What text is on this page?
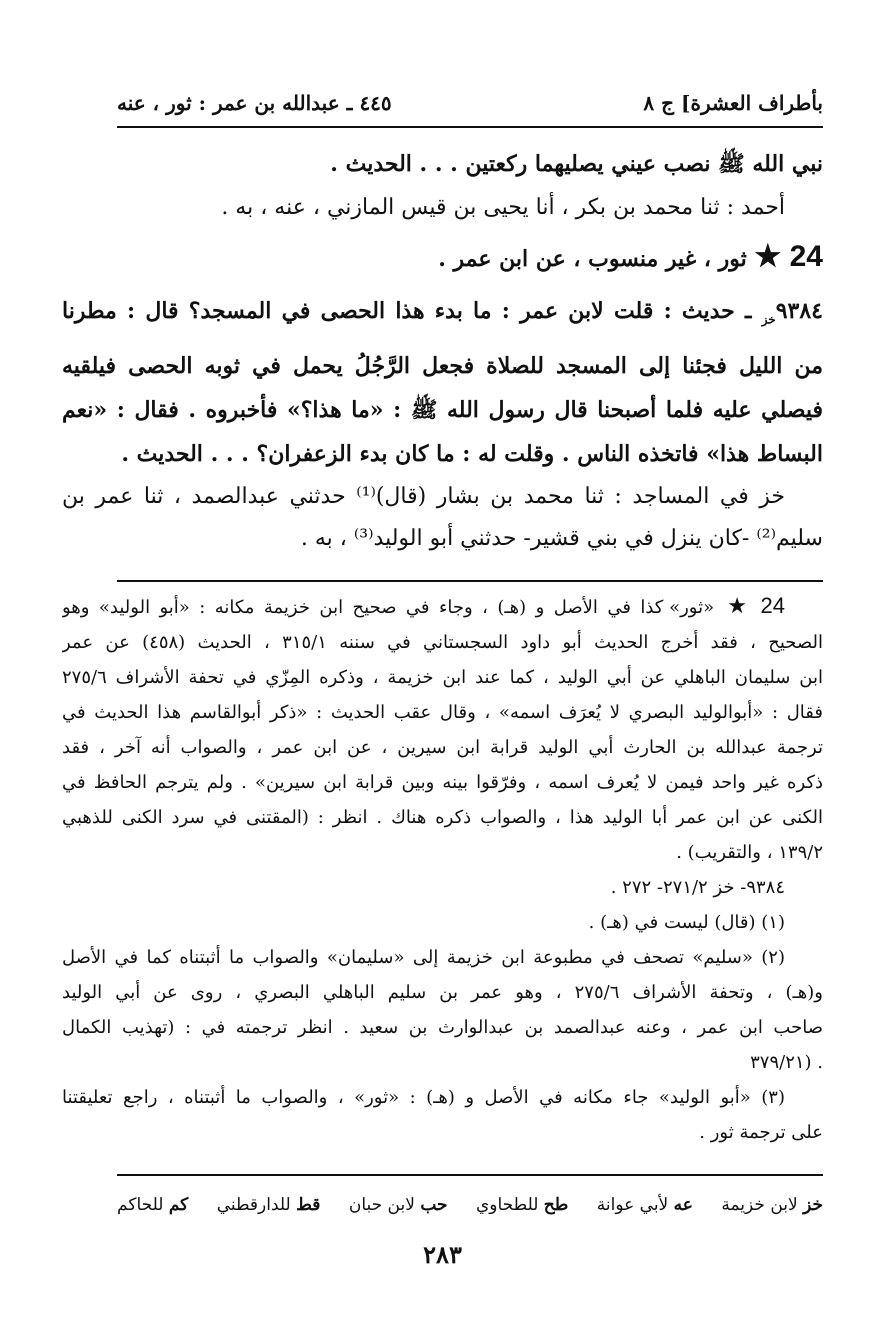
بأطراف العشرة] ج ٨
٤٤٥ ـ عبدالله بن عمر : ثور ، عنه
نبي الله ﷺ نصب عيني يصليهما ركعتين . . . الحديث .
أحمد : ثنا محمد بن بكر ، أنا يحيى بن قيس المازني ، عنه ، به .
24 ★ ثور ، غير منسوب ، عن ابن عمر .
$٩٣٨٤_{خز}$ ـ حديث : قلت لابن عمر : ما بدء هذا الحصى في المسجد؟ قال : مطرنا
من الليل فجئنا إلى المسجد للصلاة فجعل الرَّجُلُ يحمل في ثوبه الحصى فيلقيه
فيصلي عليه فلما أصبحنا قال رسول الله ﷺ : «ما هذا؟» فأخبروه . فقال : «نعم
البساط هذا» فاتخذه الناس . وقلت له : ما كان بدء الزعفران؟ . . . الحديث .
خز في المساجد : ثنا محمد بن بشار (قال)⁽¹⁾ حدثني عبدالصمد ، ثنا عمر بن
سليم⁽²⁾ -كان ينزل في بني قشير- حدثني أبو الوليد⁽³⁾ ، به .
24 ★ «ثور» كذا في الأصل و (هـ) ، وجاء في صحيح ابن خزيمة مكانه : «أبو الوليد» وهو
الصحيح ، فقد أخرج الحديث أبو داود السجستاني في سننه ٣١٥/١ ، الحديث (٤٥٨) عن عمر
ابن سليمان الباهلي عن أبي الوليد ، كما عند ابن خزيمة ، وذكره المِزّي في تحفة الأشراف ٢٧٥/٦
فقال : «أبوالوليد البصري لا يُعرَف اسمه» ، وقال عقب الحديث : «ذكر أبوالقاسم هذا الحديث في
ترجمة عبدالله بن الحارث أبي الوليد قرابة ابن سيرين ، عن ابن عمر ، والصواب أنه آخر ، فقد
ذكره غير واحد فيمن لا يُعرف اسمه ، وفرّقوا بينه وبين قرابة ابن سيرين» . ولم يترجم الحافظ في
الكنى عن ابن عمر أبا الوليد هذا ، والصواب ذكره هناك . انظر : (المقتنى في سرد الكنى للذهبي
١٣٩/٢ ، والتقريب) .
٩٣٨٤- خز ٢٧١/٢- ٢٧٢ .
(١) (قال) ليست في (هـ) .
(٢) «سليم» تصحف في مطبوعة ابن خزيمة إلى «سليمان» والصواب ما أثبتناه كما في الأصل
و(هـ) ، وتحفة الأشراف ٢٧٥/٦ ، وهو عمر بن سليم الباهلي البصري ، روى عن أبي الوليد
صاحب ابن عمر ، وعنه عبدالصمد بن عبدالوارث بن سعيد . انظر ترجمته في : (تهذيب الكمال
٣٧٩/٢١) .
(٣) «أبو الوليد» جاء مكانه في الأصل و (هـ) : «ثور» ، والصواب ما أثبتناه ، راجع تعليقتنا
على ترجمة ثور .
خز لابن خزيمة
عه لأبي عوانة
طح للطحاوي
حب لابن حبان
قط للدارقطني
كم للحاكم
٢٨٣
